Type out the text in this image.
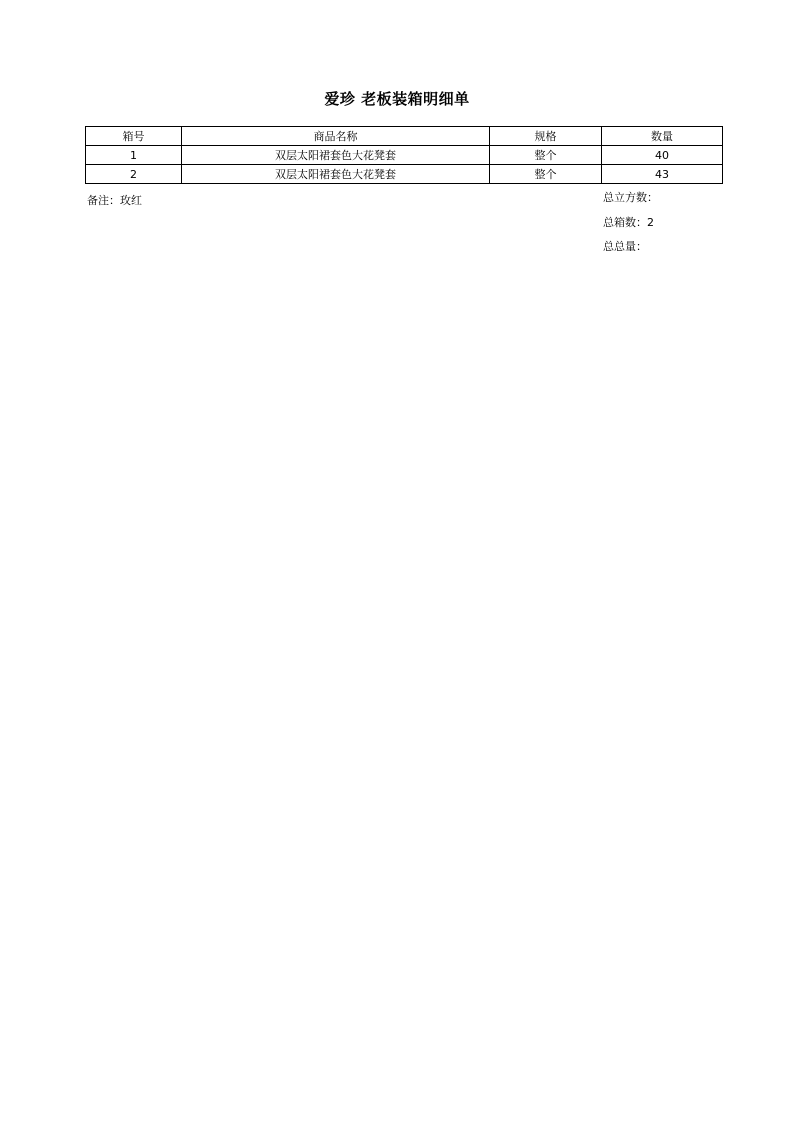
爱珍 老板装箱明细单
箱号	商品名称	规格	数量
1	双层太阳裙套色大花凳套	整个	40
2	双层太阳裙套色大花凳套	整个	43
备注：玫红	总立方数：
总箱数：2
总总量：
